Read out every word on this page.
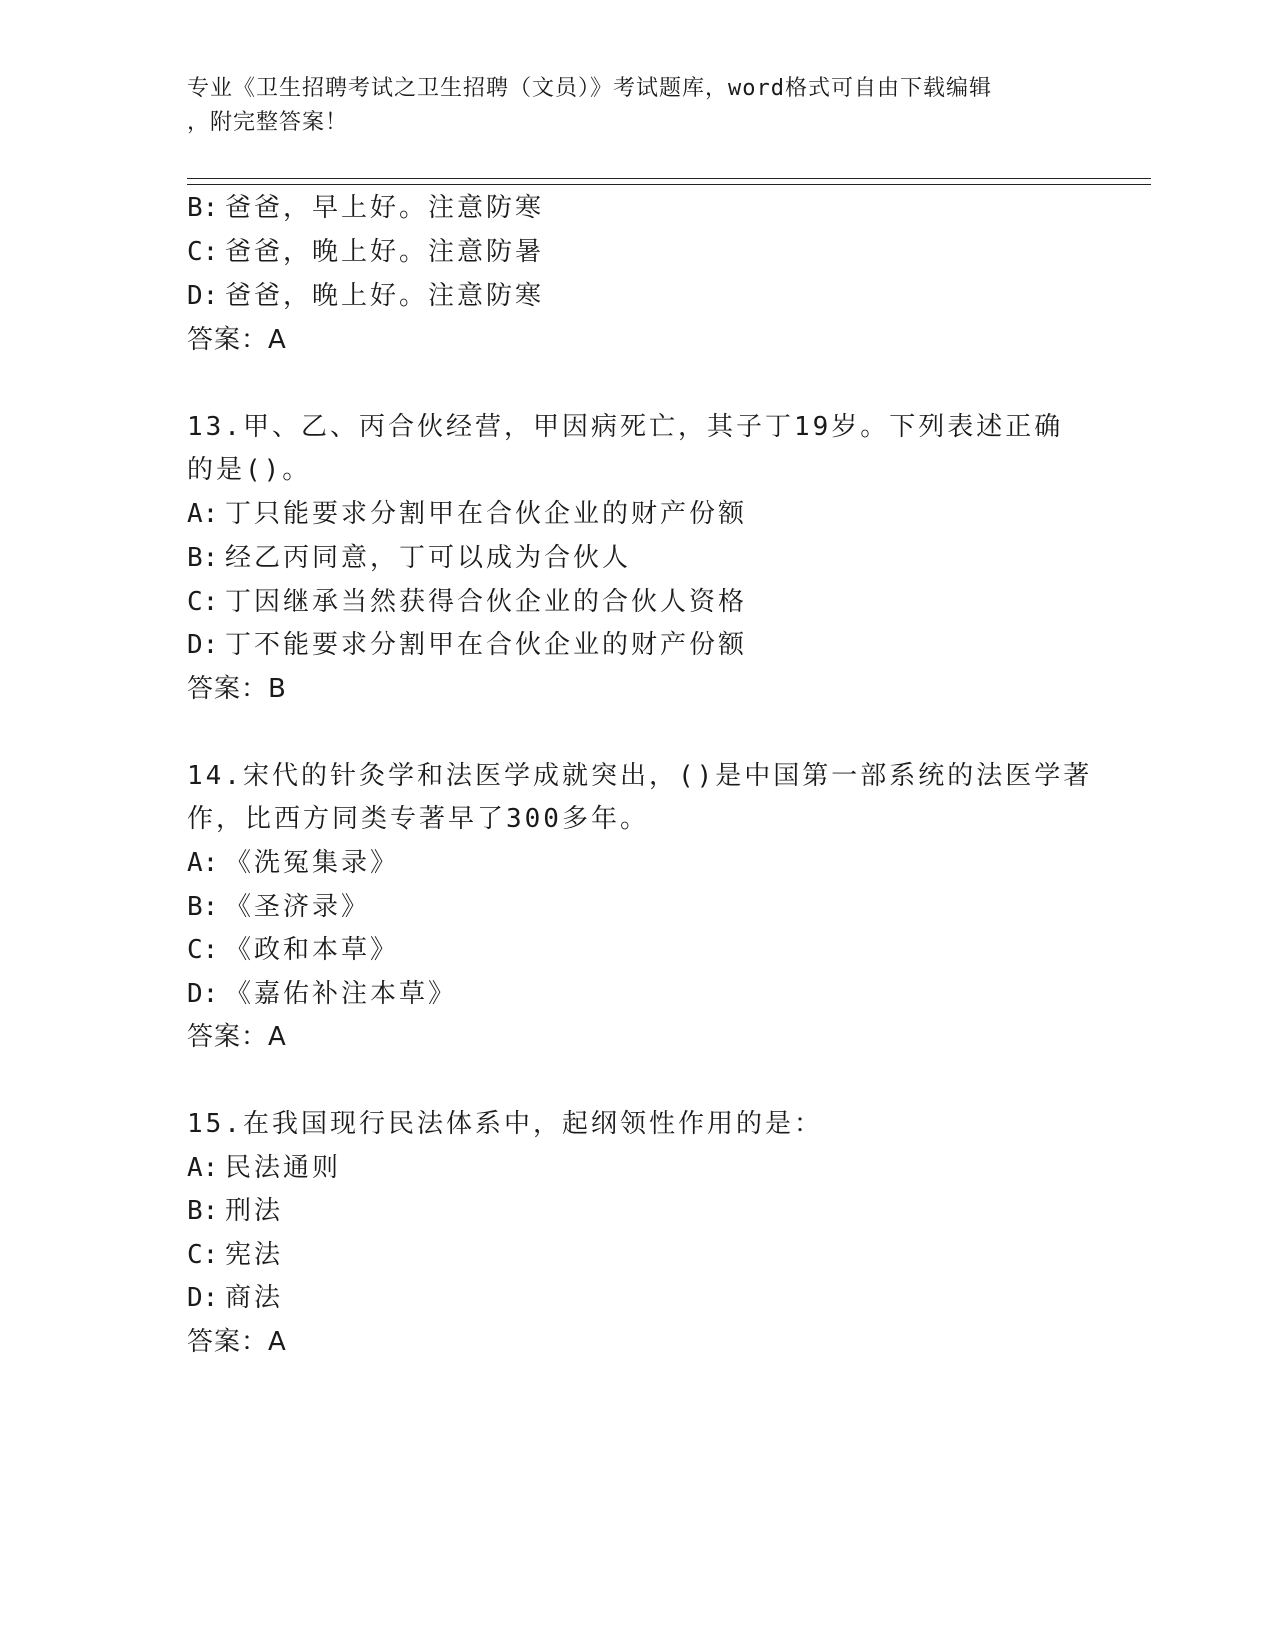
专业《卫生招聘考试之卫生招聘（文员）》考试题库，word格式可自由下载编辑
，附完整答案！
B: 爸爸，早上好。注意防寒
C: 爸爸，晚上好。注意防暑
D: 爸爸，晚上好。注意防寒
答案：A
13.甲、乙、丙合伙经营，甲因病死亡，其子丁19岁。下列表述正确
的是()。
A: 丁只能要求分割甲在合伙企业的财产份额
B: 经乙丙同意，丁可以成为合伙人
C: 丁因继承当然获得合伙企业的合伙人资格
D: 丁不能要求分割甲在合伙企业的财产份额
答案：B
14.宋代的针灸学和法医学成就突出，()是中国第一部系统的法医学著
作，比西方同类专著早了300多年。
A: 《洗冤集录》
B: 《圣济录》
C: 《政和本草》
D: 《嘉佑补注本草》
答案：A
15.在我国现行民法体系中，起纲领性作用的是：
A: 民法通则
B: 刑法
C: 宪法
D: 商法
答案：A
